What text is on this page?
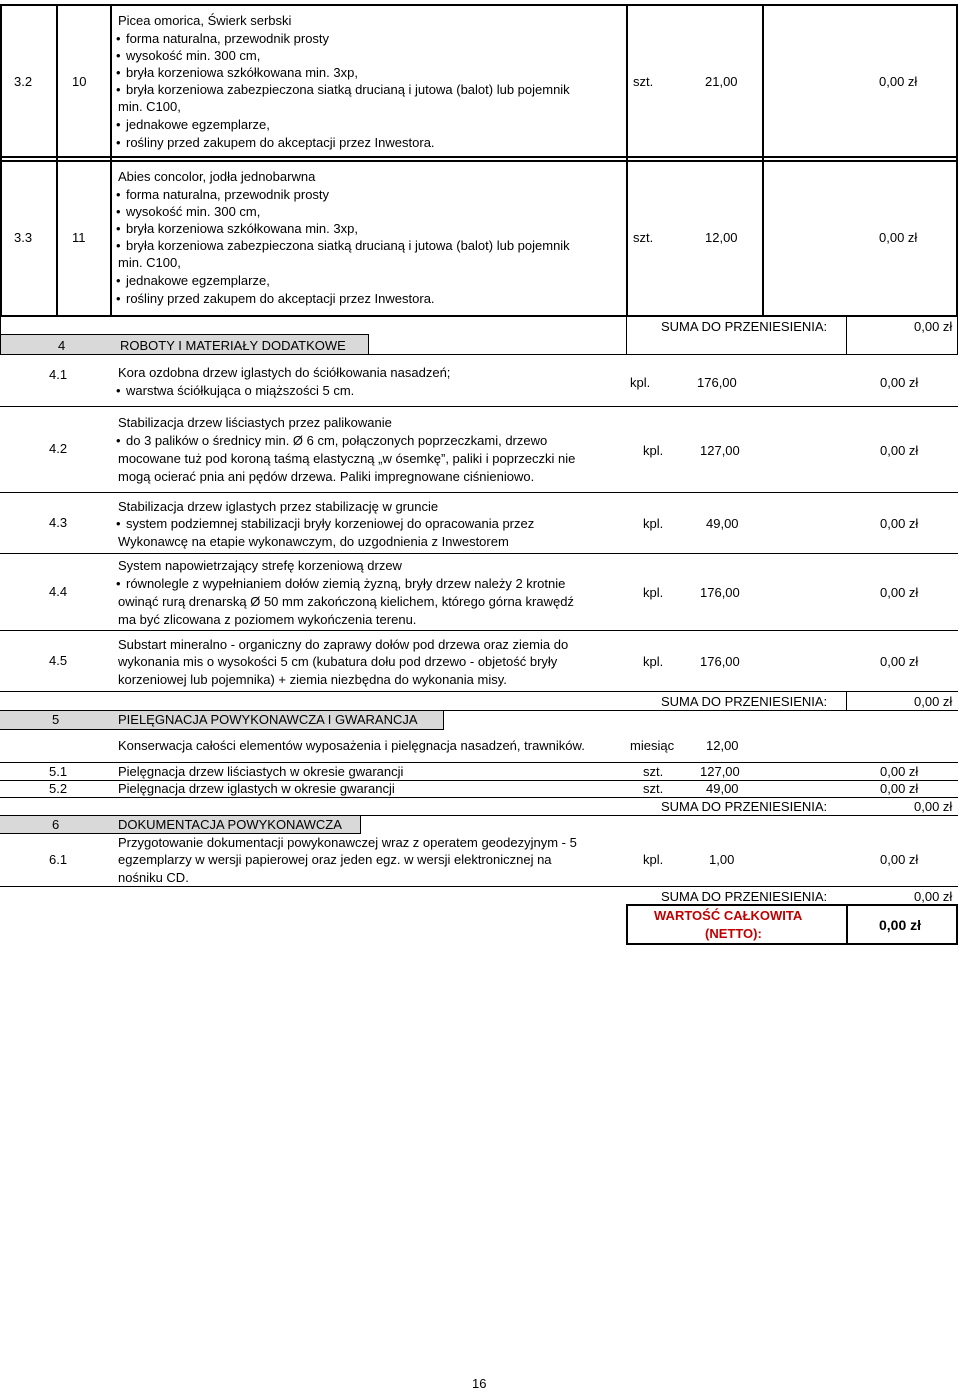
3.2	10
Picea omorica, Świerk serbski
• forma naturalna, przewodnik prosty
• wysokość min. 300 cm,
• bryła korzeniowa szkółkowana min. 3xp,
• bryła korzeniowa zabezpieczona siatką drucianą i jutowa (balot) lub pojemnik
min. C100,
• jednakowe egzemplarze,
• rośliny przed zakupem do akceptacji przez Inwestora.
szt.	21,00	0,00 zł
3.3	11
Abies concolor, jodła jednobarwna
• forma naturalna, przewodnik prosty
• wysokość min. 300 cm,
• bryła korzeniowa szkółkowana min. 3xp,
• bryła korzeniowa zabezpieczona siatką drucianą i jutowa (balot) lub pojemnik
min. C100,
• jednakowe egzemplarze,
• rośliny przed zakupem do akceptacji przez Inwestora.
szt.	12,00	0,00 zł
4	ROBOTY I MATERIAŁY DODATKOWE
SUMA DO PRZENIESIENIA:	0,00 zł
4.1	Kora ozdobna drzew iglastych do ściółkowania nasadzeń;
• warstwa ściółkująca o miąższości 5 cm.
kpl.	176,00	0,00 zł
4.2
Stabilizacja drzew liściastych przez palikowanie
• do 3 palików o średnicy min. Ø 6 cm, połączonych poprzeczkami, drzewo
mocowane tuż pod koroną taśmą elastyczną „w ósemkę”, paliki i poprzeczki nie
mogą ocierać pnia ani pędów drzewa. Paliki impregnowane ciśnieniowo.
kpl.	127,00	0,00 zł
4.3
Stabilizacja drzew iglastych przez stabilizację w gruncie
• system podziemnej stabilizacji bryły korzeniowej do opracowania przez
Wykonawcę na etapie wykonawczym, do uzgodnienia z Inwestorem
kpl.	49,00	0,00 zł
4.4
System napowietrzający strefę korzeniową drzew
• równolegle z wypełnianiem dołów ziemią żyzną, bryły drzew należy 2 krotnie
owinąć rurą drenarską Ø 50 mm zakończoną kielichem, którego górna krawędź
ma być zlicowana z poziomem wykończenia terenu.
kpl.	176,00	0,00 zł
4.5
Substart mineralno - organiczny do zaprawy dołów pod drzewa oraz ziemia do
wykonania mis o wysokości 5 cm (kubatura dołu pod drzewo - objetość bryły
korzeniowej lub pojemnika) + ziemia niezbędna do wykonania misy.
kpl.	176,00	0,00 zł
SUMA DO PRZENIESIENIA:	0,00 zł
5	PIELĘGNACJA POWYKONAWCZA I GWARANCJA
Konserwacja całości elementów wyposażenia i pielęgnacja nasadzeń, trawników.	miesiąc 12,00
5.1	Pielęgnacja drzew liściastych w okresie gwarancji	szt.	127,00	0,00 zł
5.2	Pielęgnacja drzew iglastych w okresie gwarancji	szt.	49,00	0,00 zł
SUMA DO PRZENIESIENIA:	0,00 zł
6	DOKUMENTACJA POWYKONAWCZA
6.1
Przygotowanie dokumentacji powykonawczej wraz z operatem geodezyjnym - 5
egzemplarzy w wersji papierowej oraz jeden egz. w wersji elektronicznej na
nośniku CD.
kpl.	1,00	0,00 zł
SUMA DO PRZENIESIENIA:	0,00 zł
WARTOŚĆ CAŁKOWITA
(NETTO):
0,00 zł
16
